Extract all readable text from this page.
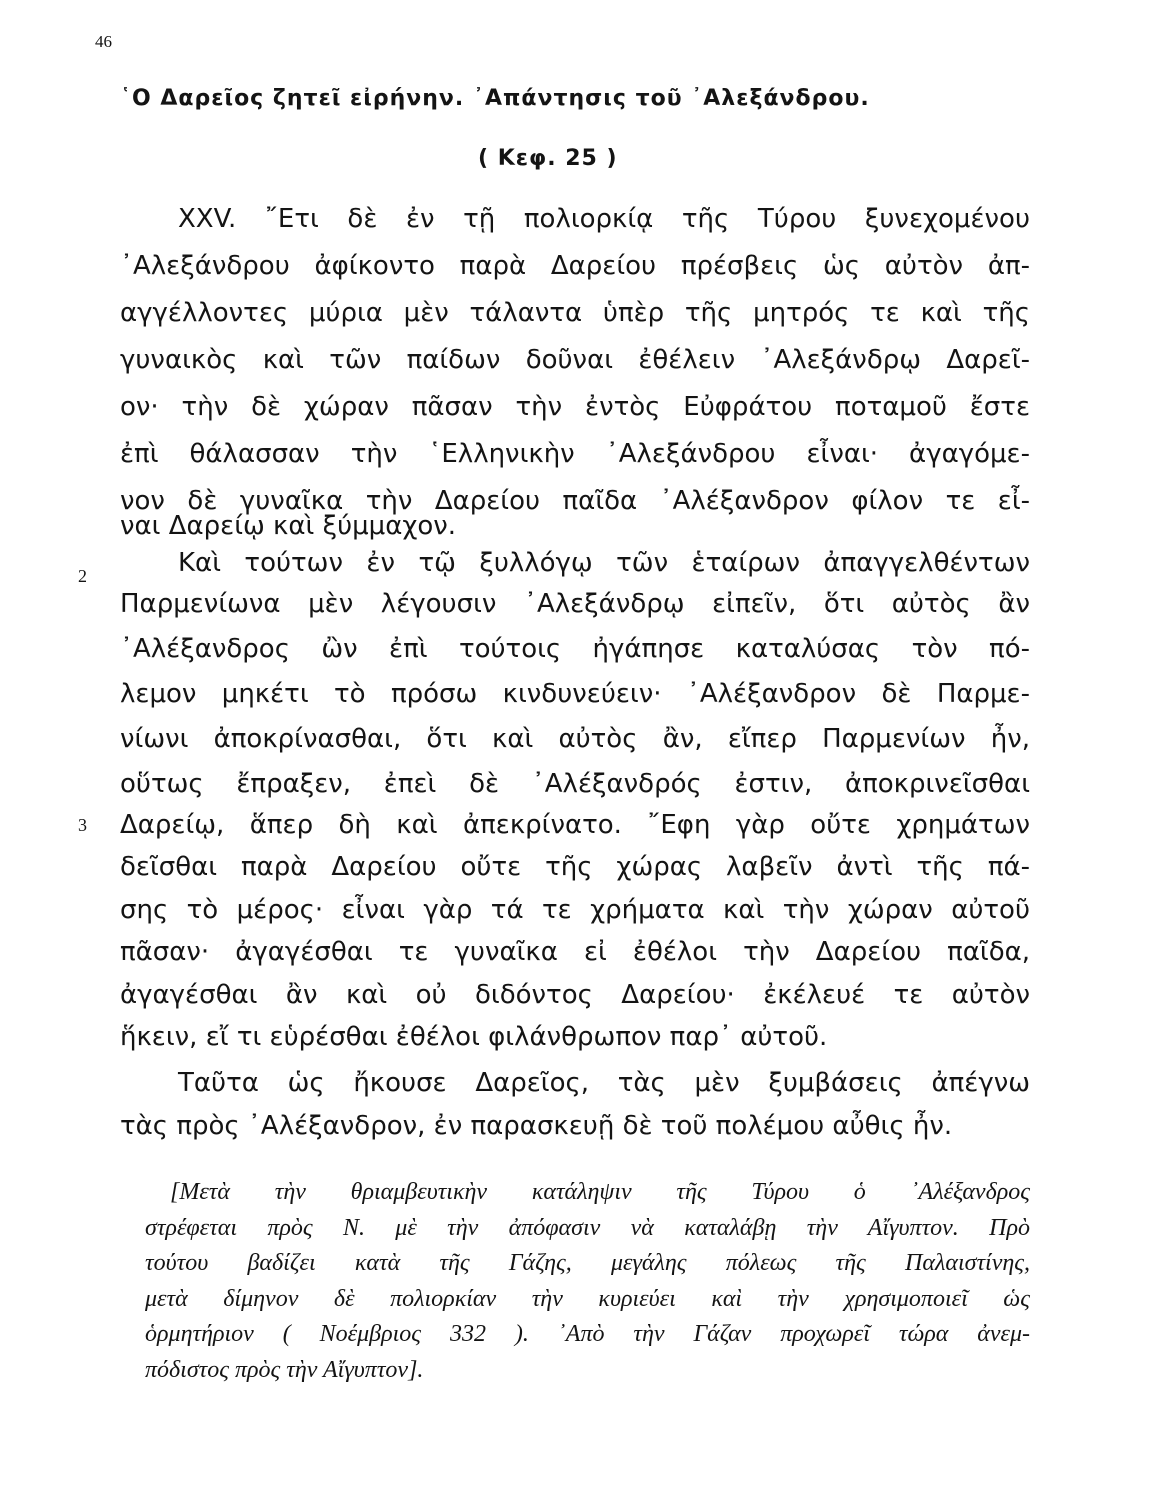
46
῾Ο Δαρεῖος ζητεῖ εἰρήνην. ᾿Απάντησις τοῦ ᾿Αλεξάνδρου.
( Κεφ. 25 )
XXV. ῎Ετι δὲ ἐν τῇ πολιορκίᾳ τῆς Τύρου ξυνεχομένου
᾿Αλεξάνδρου ἀφίκοντο παρὰ Δαρείου πρέσβεις ὡς αὐτὸν ἀπ-
αγγέλλοντες μύρια μὲν τάλαντα ὑπὲρ τῆς μητρός τε καὶ τῆς
γυναικὸς καὶ τῶν παίδων δοῦναι ἐθέλειν ᾿Αλεξάνδρῳ Δαρεῖ-
ον· τὴν δὲ χώραν πᾶσαν τὴν ἐντὸς Εὐφράτου ποταμοῦ ἔστε
ἐπὶ θάλασσαν τὴν ῾Ελληνικὴν ᾿Αλεξάνδρου εἶναι· ἀγαγόμε-
νον δὲ γυναῖκα τὴν Δαρείου παῖδα ᾿Αλέξανδρον φίλον τε εἶ-
ναι Δαρείῳ καὶ ξύμμαχον.
2	Καὶ τούτων ἐν τῷ ξυλλόγῳ τῶν ἑταίρων ἀπαγγελθέντων
Παρμενίωνα μὲν λέγουσιν ᾿Αλεξάνδρῳ εἰπεῖν, ὅτι αὐτὸς ἂν
᾿Αλέξανδρος ὢν ἐπὶ τούτοις ἠγάπησε καταλύσας τὸν πό-
λεμον μηκέτι τὸ πρόσω κινδυνεύειν· ᾿Αλέξανδρον δὲ Παρμε-
νίωνι ἀποκρίνασθαι, ὅτι καὶ αὐτὸς ἂν, εἴπερ Παρμενίων ἦν,
οὕτως ἔπραξεν, ἐπεὶ δὲ ᾿Αλέξανδρός ἐστιν, ἀποκρινεῖσθαι
3 Δαρείῳ, ἅπερ δὴ καὶ ἀπεκρίνατο. ῎Εφη γὰρ οὔτε χρημάτων
δεῖσθαι παρὰ Δαρείου οὔτε τῆς χώρας λαβεῖν ἀντὶ τῆς πά-
σης τὸ μέρος· εἶναι γὰρ τά τε χρήματα καὶ τὴν χώραν αὐτοῦ
πᾶσαν· ἀγαγέσθαι τε γυναῖκα εἰ ἐθέλοι τὴν Δαρείου παῖδα,
ἀγαγέσθαι ἂν καὶ οὐ διδόντος Δαρείου· ἐκέλευέ τε αὐτὸν
ἥκειν, εἴ τι εὑρέσθαι ἐθέλοι φιλάνθρωπον παρ᾿ αὐτοῦ.
Ταῦτα ὡς ἤκουσε Δαρεῖος, τὰς μὲν ξυμβάσεις ἀπέγνω
τὰς πρὸς ᾿Αλέξανδρον, ἐν παρασκευῇ δὲ τοῦ πολέμου αὖθις ἦν.
[Μετὰ τὴν θριαμβευτικὴν κατάληψιν τῆς Τύρου ὁ ᾿Αλέξανδρος
στρέφεται πρὸς Ν. μὲ τὴν ἀπόφασιν νὰ καταλάβῃ τὴν Αἴγυπτον. Πρὸ
τούτου βαδίζει κατὰ τῆς Γάζης, μεγάλης πόλεως τῆς Παλαιστίνης,
μετὰ δίμηνον δὲ πολιορκίαν τὴν κυριεύει καὶ τὴν χρησιμοποιεῖ ὡς
ὁρμητήριον ( Νοέμβριος 332 ). ᾿Απὸ τὴν Γάζαν προχωρεῖ τώρα ἀνεμ-
πόδιστος πρὸς τὴν Αἴγυπτον].
